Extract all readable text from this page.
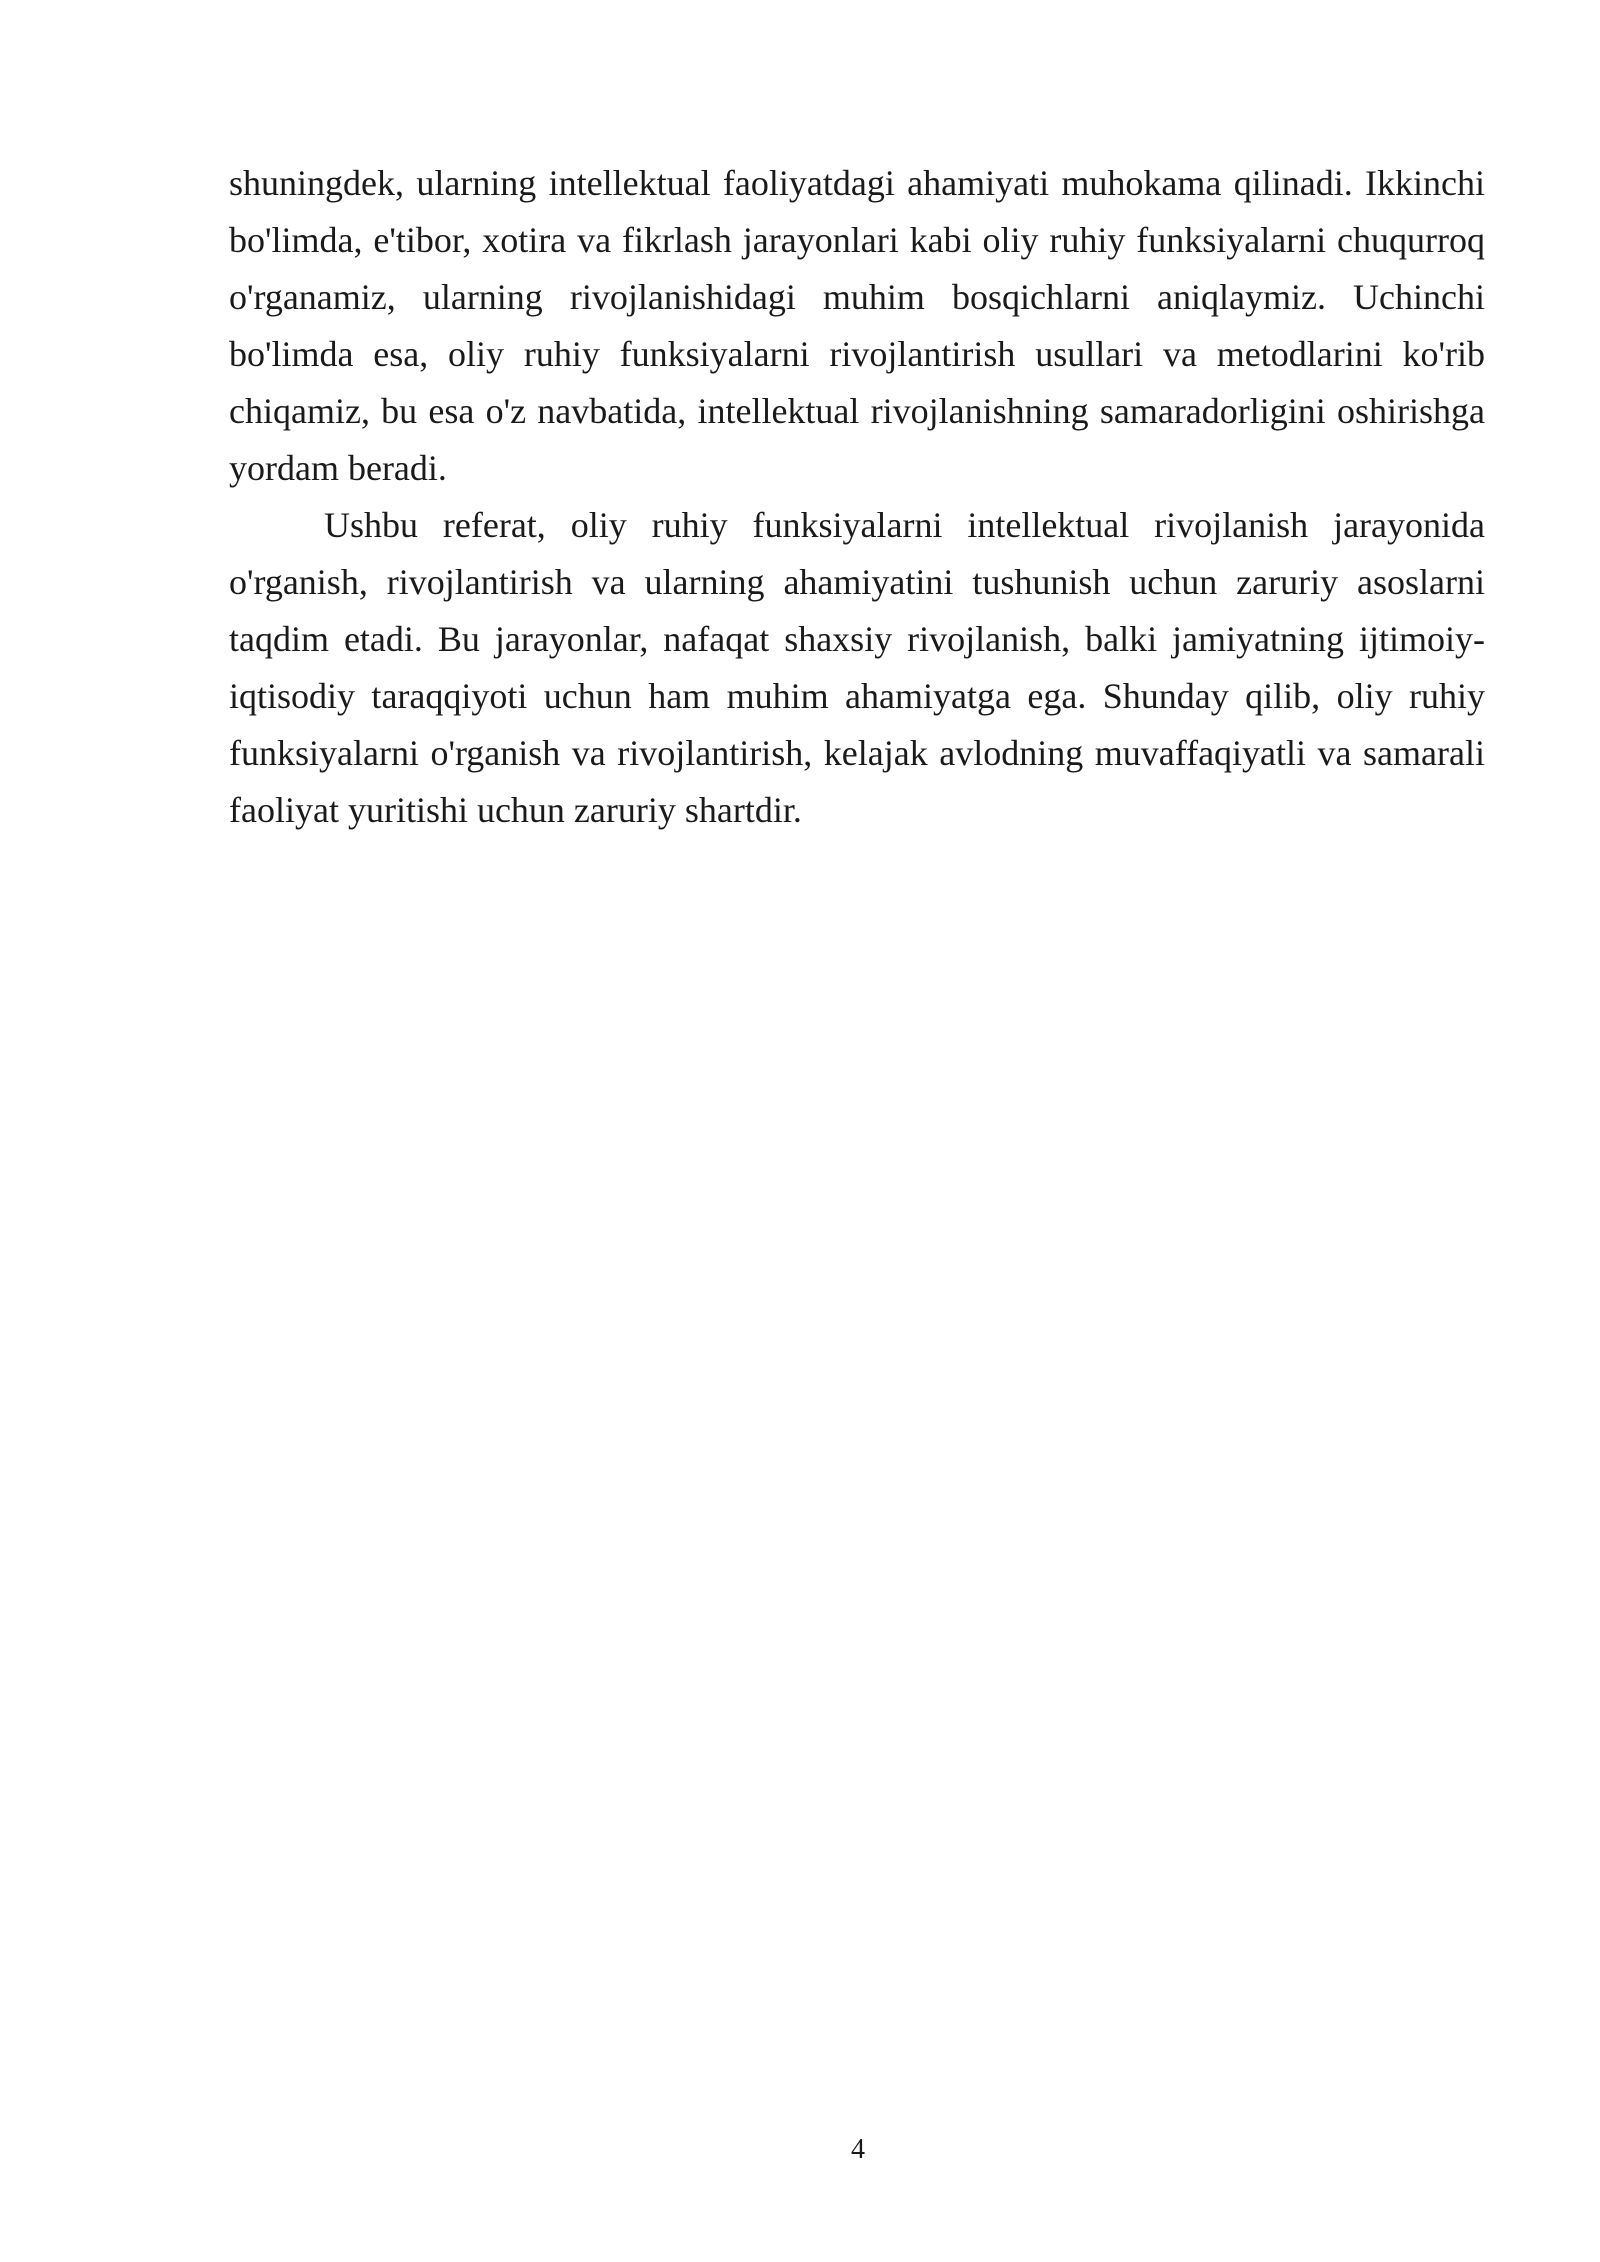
shuningdek, ularning intellektual faoliyatdagi ahamiyati muhokama qilinadi. Ikkinchi bo'limda, e'tibor, xotira va fikrlash jarayonlari kabi oliy ruhiy funksiyalarni chuqurroq o'rganamiz, ularning rivojlanishidagi muhim bosqichlarni aniqlaymiz. Uchinchi bo'limda esa, oliy ruhiy funksiyalarni rivojlantirish usullari va metodlarini ko'rib chiqamiz, bu esa o'z navbatida, intellektual rivojlanishning samaradorligini oshirishga yordam beradi.

Ushbu referat, oliy ruhiy funksiyalarni intellektual rivojlanish jarayonida o'rganish, rivojlantirish va ularning ahamiyatini tushunish uchun zaruriy asoslarni taqdim etadi. Bu jarayonlar, nafaqat shaxsiy rivojlanish, balki jamiyatning ijtimoiy-iqtisodiy taraqqiyoti uchun ham muhim ahamiyatga ega. Shunday qilib, oliy ruhiy funksiyalarni o'rganish va rivojlantirish, kelajak avlodning muvaffaqiyatli va samarali faoliyat yuritishi uchun zaruriy shartdir.

4
